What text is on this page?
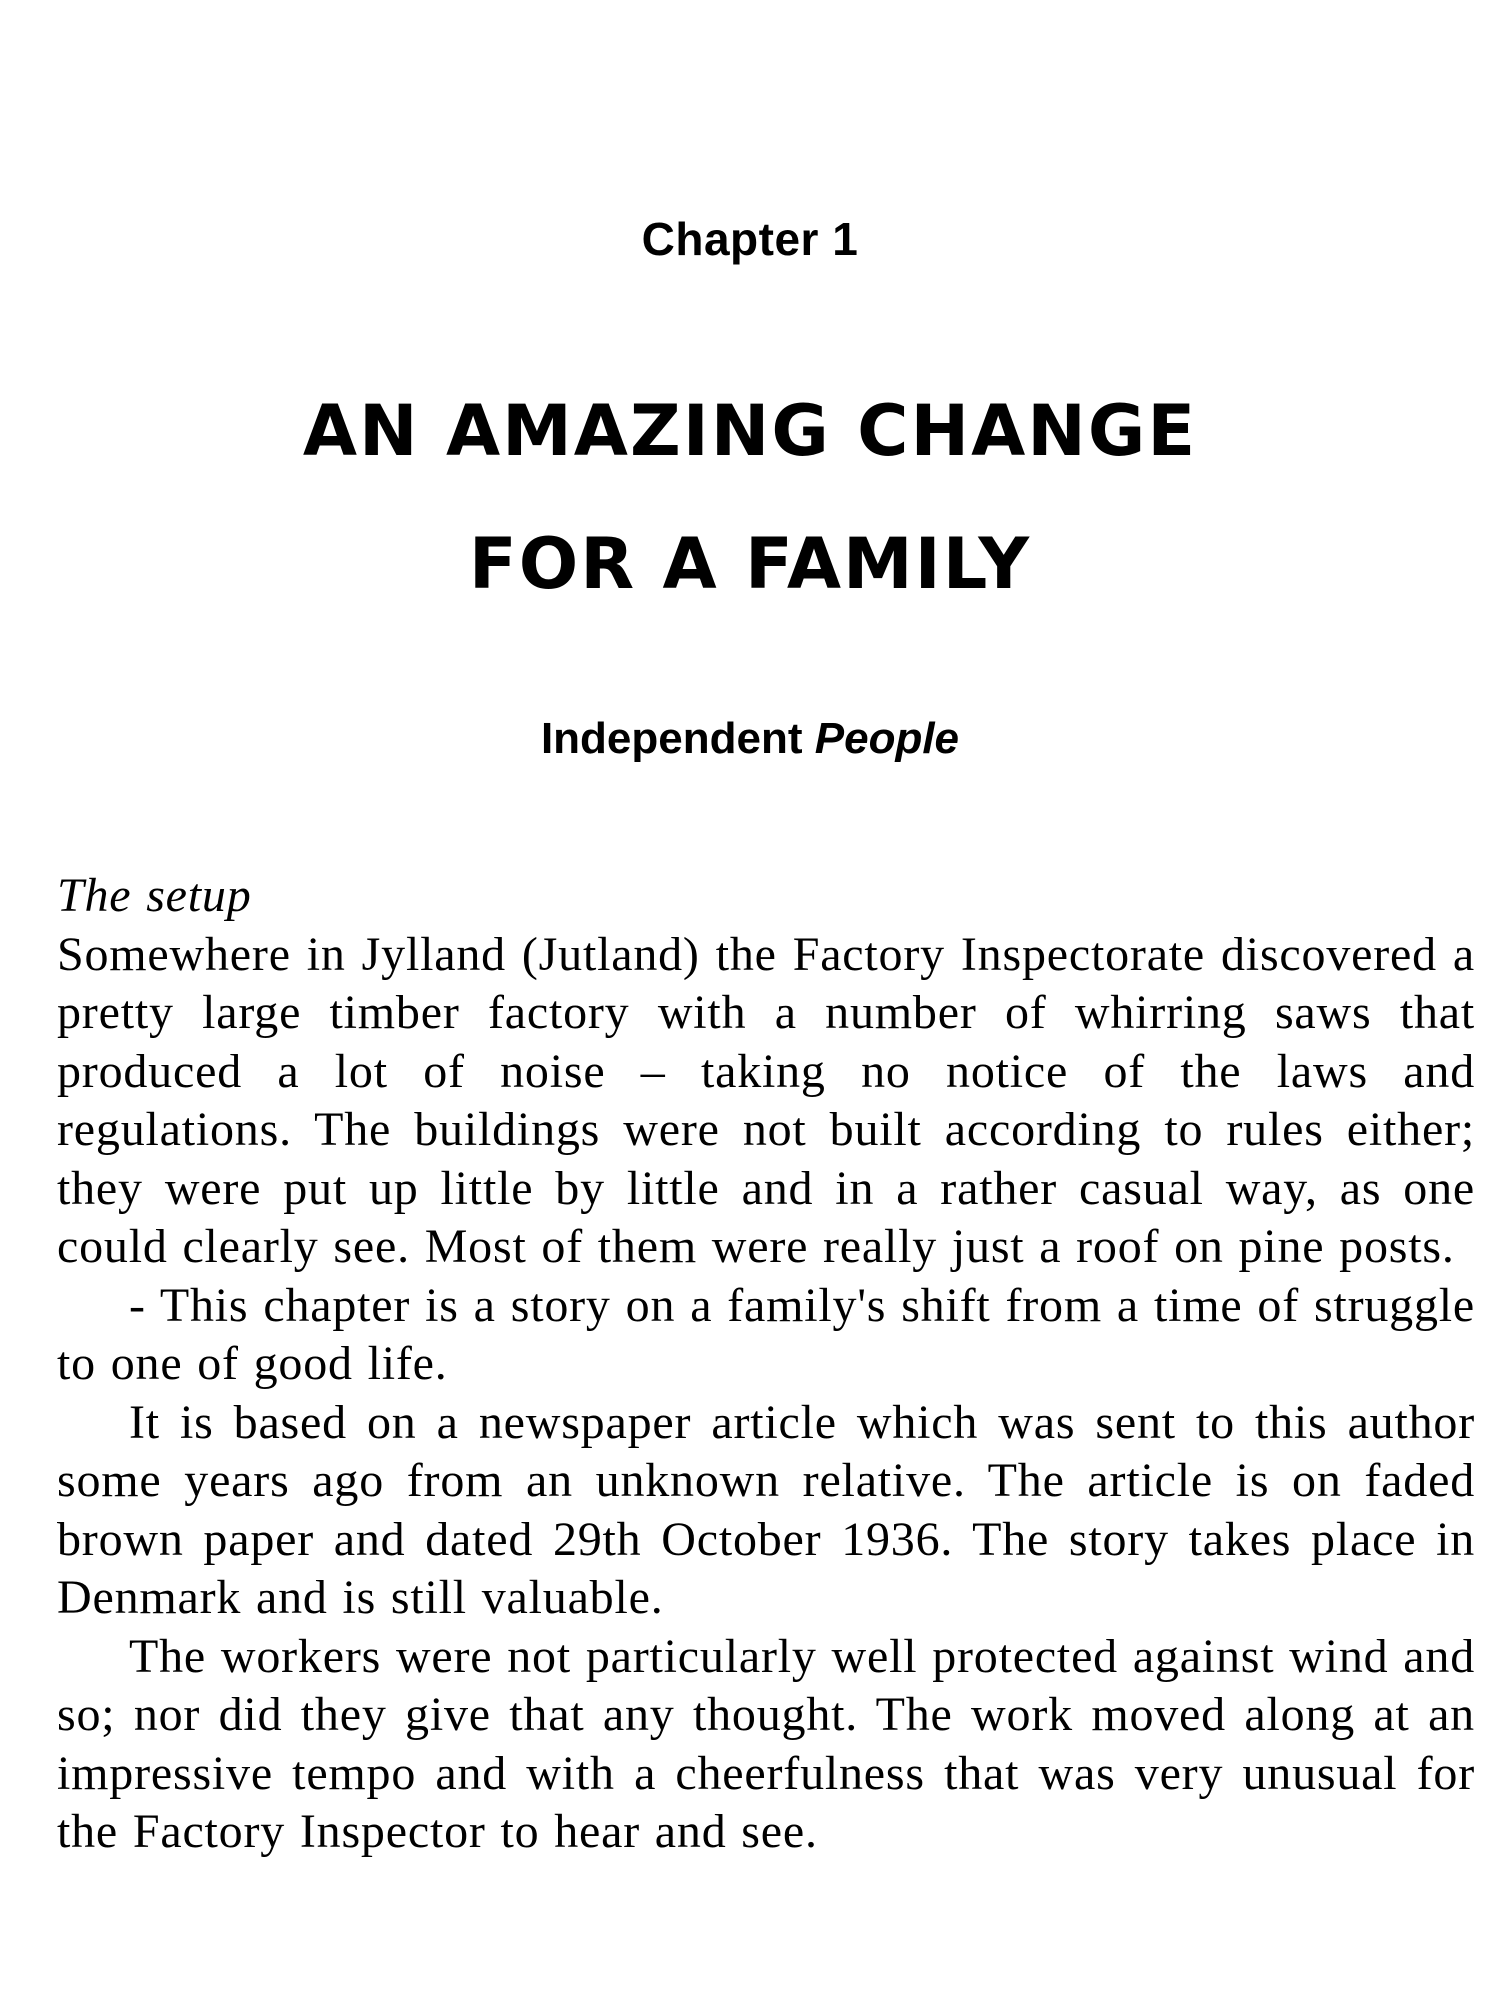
Chapter 1
AN AMAZING CHANGE
FOR A FAMILY
Independent People
The setup

Somewhere in Jylland (Jutland) the Factory Inspectorate discovered a pretty large timber factory with a number of whirring saws that produced a lot of noise – taking no notice of the laws and regulations. The buildings were not built according to rules either; they were put up little by little and in a rather casual way, as one could clearly see. Most of them were really just a roof on pine posts.

- This chapter is a story on a family's shift from a time of struggle to one of good life.

It is based on a newspaper article which was sent to this author some years ago from an unknown relative. The article is on faded brown paper and dated 29th October 1936. The story takes place in Denmark and is still valuable.

The workers were not particularly well protected against wind and so; nor did they give that any thought. The work moved along at an impressive tempo and with a cheerfulness that was very unusual for the Factory Inspector to hear and see.
